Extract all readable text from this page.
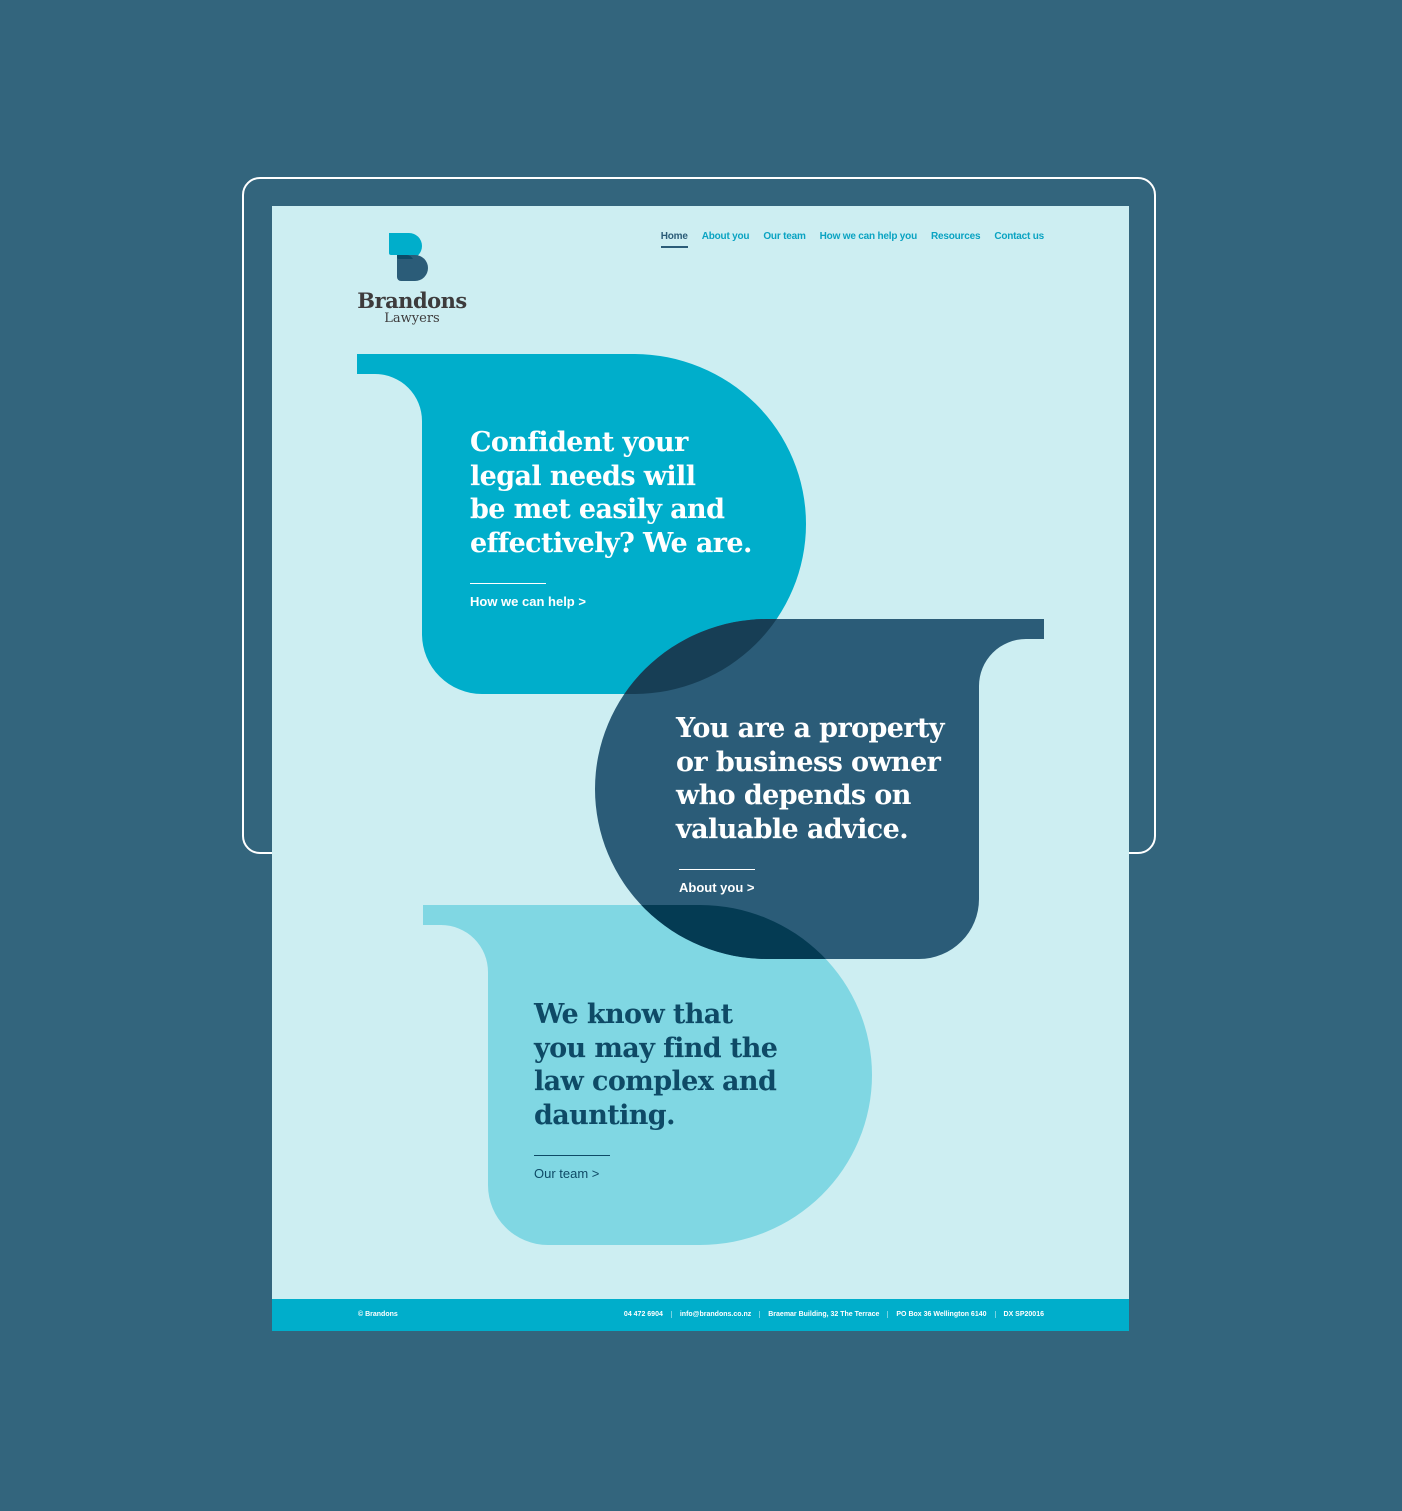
Brandons
Lawyers
Home About you Our team How we can help you Resources Contact us
Confident your
legal needs will
be met easily and
effectively? We are.
How we can help >
You are a property
or business owner
who depends on
valuable advice.
About you >
We know that
you may find the
law complex and
daunting.
Our team >
© Brandons	04 472 6904	info@brandons.co.nz	Braemar Building, 32 The Terrace	PO Box 36 Wellington 6140	DX SP20016
